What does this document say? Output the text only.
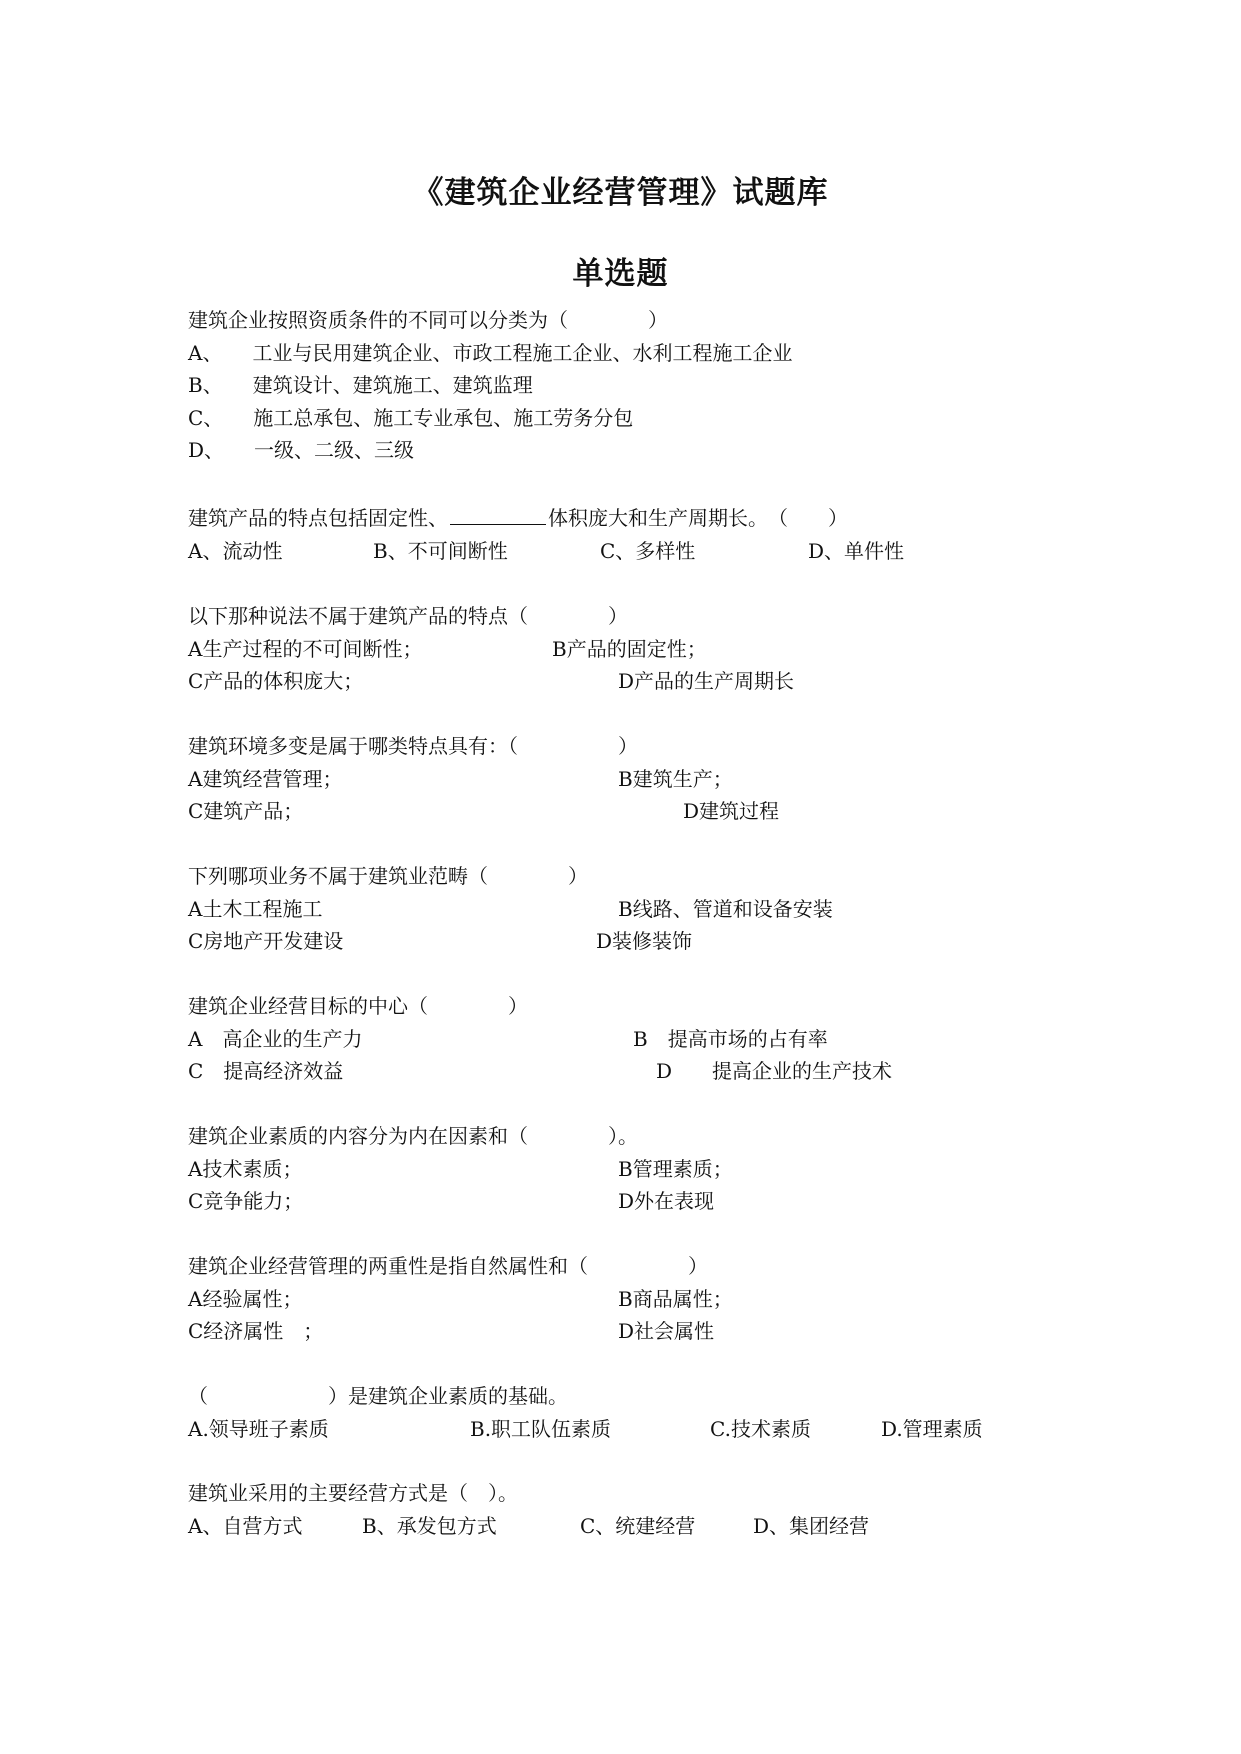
《建筑企业经营管理》试题库
单选题
建筑企业按照资质条件的不同可以分类为（　　　　）
A、　　工业与民用建筑企业、市政工程施工企业、水利工程施工企业
B、　　建筑设计、建筑施工、建筑监理
C、　　施工总承包、施工专业承包、施工劳务分包
D、　　一级、二级、三级
建筑产品的特点包括固定性、	体积庞大和生产周期长。　（　　）
A、流动性	B、不可间断性	C、多样性	D、单件性
以下那种说法不属于建筑产品的特点（　　　　）
A生产过程的不可间断性；	B产品的固定性；
C产品的体积庞大；	D产品的生产周期长
建筑环境多变是属于哪类特点具有：（　　　　　）
A建筑经营管理；	B建筑生产；
C建筑产品；	D建筑过程
下列哪项业务不属于建筑业范畴（　　　　）
A土木工程施工	B线路、管道和设备安装
C房地产开发建设	D装修装饰
建筑企业经营目标的中心（　　　　）
A　高企业的生产力	B　提高市场的占有率
C　提高经济效益	D　　提高企业的生产技术
建筑企业素质的内容分为内在因素和（　　　　）。
A技术素质；	B管理素质；
C竞争能力；	D外在表现
建筑企业经营管理的两重性是指自然属性和（　　　　　）
A经验属性；	B商品属性；
C经济属性　；	D社会属性
（　　　　　　）是建筑企业素质的基础。
A.领导班子素质	B.职工队伍素质	C.技术素质	D.管理素质
建筑业采用的主要经营方式是（　）。
A、自营方式	B、承发包方式	C、统建经营	D、集团经营
